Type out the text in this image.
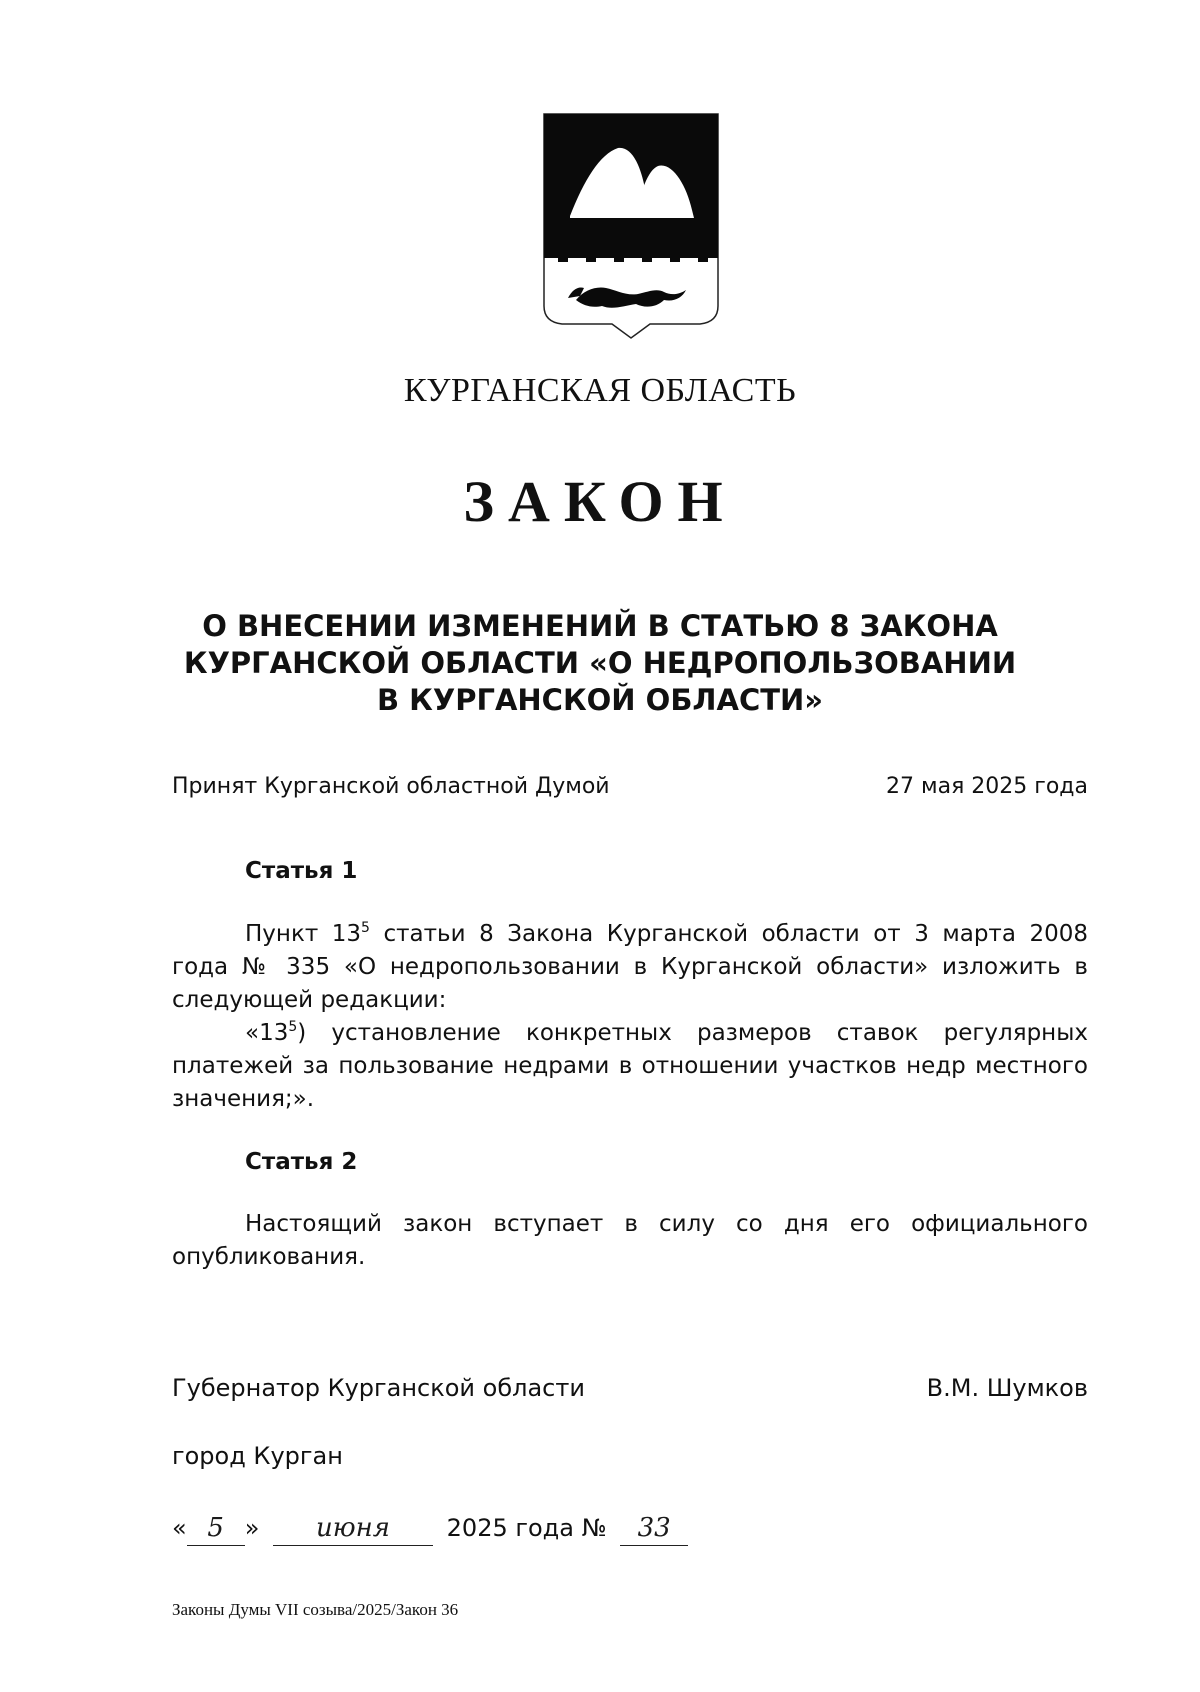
КУРГАНСКАЯ ОБЛАСТЬ
ЗАКОН
О ВНЕСЕНИИ ИЗМЕНЕНИЙ В СТАТЬЮ 8 ЗАКОНА
КУРГАНСКОЙ ОБЛАСТИ «О НЕДРОПОЛЬЗОВАНИИ
В КУРГАНСКОЙ ОБЛАСТИ»
Принят Курганской областной Думой	27 мая 2025 года
Статья 1

Пункт $13^5$ статьи 8 Закона Курганской области от 3 марта 2008 года № 335 «О недропользовании в Курганской области» изложить в следующей редакции:

«$13^5$) установление конкретных размеров ставок регулярных платежей за пользование недрами в отношении участков недр местного значения;».

Статья 2

Настоящий закон вступает в силу со дня его официального опубликования.

Губернатор Курганской области	В.М. Шумков
город Курган
« 5 » июня 2025 года № 33
Законы Думы VII созыва/2025/Закон 36
